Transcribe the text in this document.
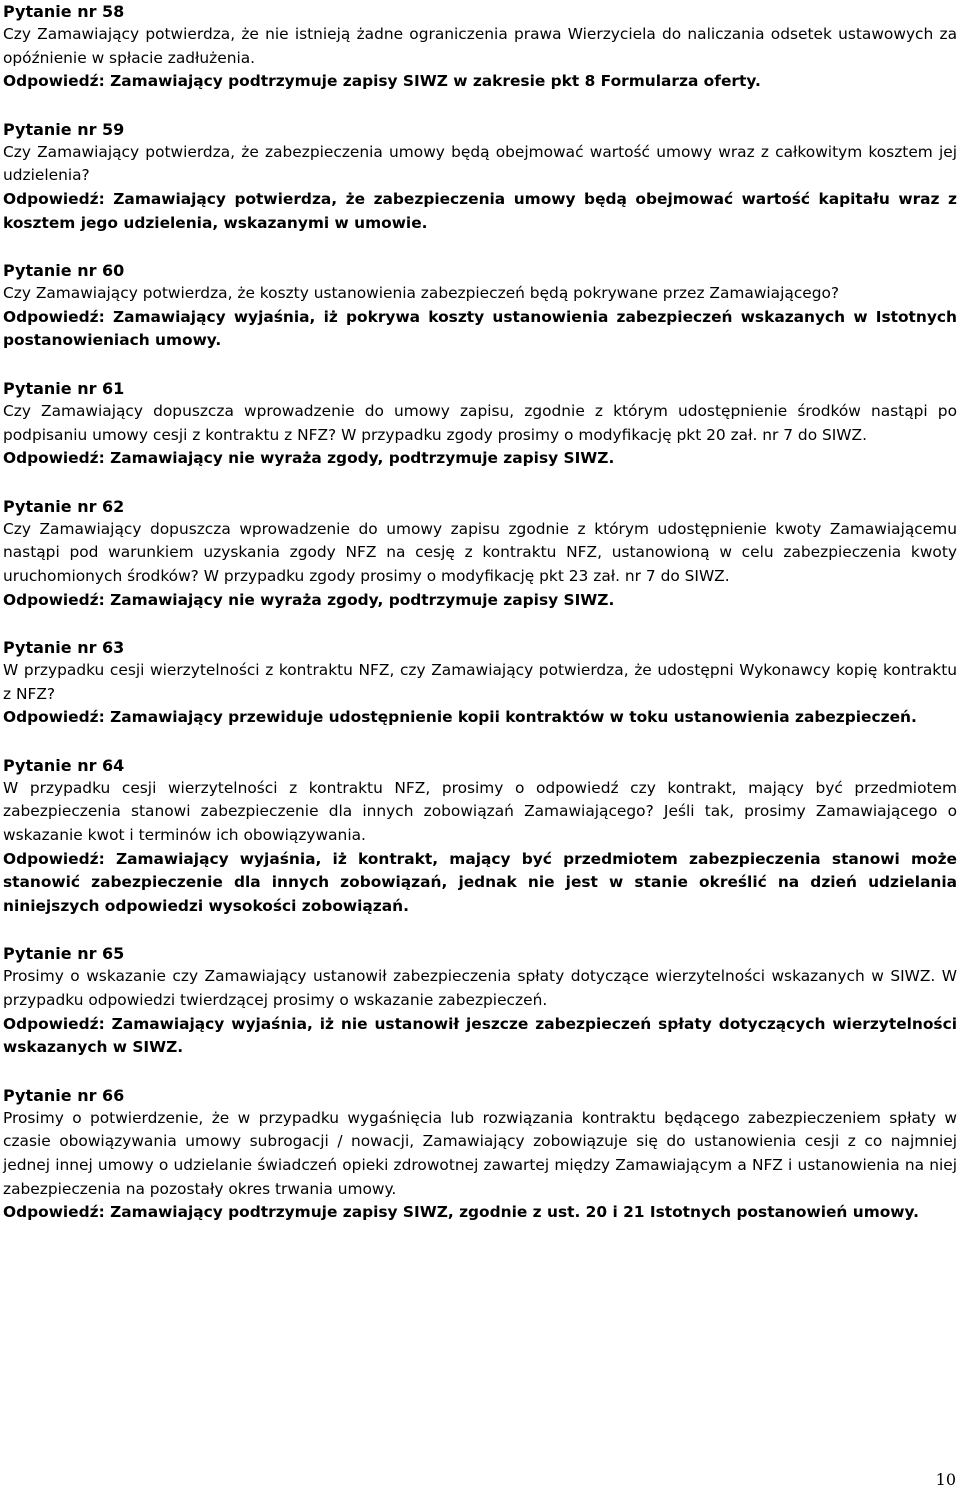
Pytanie nr 58

Czy Zamawiający potwierdza, że nie istnieją żadne ograniczenia prawa Wierzyciela do naliczania odsetek ustawowych za opóźnienie w spłacie zadłużenia.

Odpowiedź: Zamawiający podtrzymuje zapisy SIWZ w zakresie pkt 8 Formularza oferty.

Pytanie nr 59

Czy Zamawiający potwierdza, że zabezpieczenia umowy będą obejmować wartość umowy wraz z całkowitym kosztem jej udzielenia?

Odpowiedź: Zamawiający potwierdza, że zabezpieczenia umowy będą obejmować wartość kapitału wraz z kosztem jego udzielenia, wskazanymi w umowie.

Pytanie nr 60

Czy Zamawiający potwierdza, że koszty ustanowienia zabezpieczeń będą pokrywane przez Zamawiającego?

Odpowiedź: Zamawiający wyjaśnia, iż pokrywa koszty ustanowienia zabezpieczeń wskazanych w Istotnych postanowieniach umowy.

Pytanie nr 61

Czy Zamawiający dopuszcza wprowadzenie do umowy zapisu, zgodnie z którym udostępnienie środków nastąpi po podpisaniu umowy cesji z kontraktu z NFZ? W przypadku zgody prosimy o modyfikację pkt 20 zał. nr 7 do SIWZ.

Odpowiedź: Zamawiający nie wyraża zgody, podtrzymuje zapisy SIWZ.

Pytanie nr 62

Czy Zamawiający dopuszcza wprowadzenie do umowy zapisu zgodnie z którym udostępnienie kwoty Zamawiającemu nastąpi pod warunkiem uzyskania zgody NFZ na cesję z kontraktu NFZ, ustanowioną w celu zabezpieczenia kwoty uruchomionych środków? W przypadku zgody prosimy o modyfikację pkt 23 zał. nr 7 do SIWZ.

Odpowiedź: Zamawiający nie wyraża zgody, podtrzymuje zapisy SIWZ.

Pytanie nr 63

W przypadku cesji wierzytelności z kontraktu NFZ, czy Zamawiający potwierdza, że udostępni Wykonawcy kopię kontraktu z NFZ?

Odpowiedź: Zamawiający przewiduje udostępnienie kopii kontraktów w toku ustanowienia zabezpieczeń.

Pytanie nr 64

W przypadku cesji wierzytelności z kontraktu NFZ, prosimy o odpowiedź czy kontrakt, mający być przedmiotem zabezpieczenia stanowi zabezpieczenie dla innych zobowiązań Zamawiającego? Jeśli tak, prosimy Zamawiającego o wskazanie kwot i terminów ich obowiązywania.

Odpowiedź: Zamawiający wyjaśnia, iż kontrakt, mający być przedmiotem zabezpieczenia stanowi może stanowić zabezpieczenie dla innych zobowiązań, jednak nie jest w stanie określić na dzień udzielania niniejszych odpowiedzi wysokości zobowiązań.

Pytanie nr 65

Prosimy o wskazanie czy Zamawiający ustanowił zabezpieczenia spłaty dotyczące wierzytelności wskazanych w SIWZ. W przypadku odpowiedzi twierdzącej prosimy o wskazanie zabezpieczeń.

Odpowiedź: Zamawiający wyjaśnia, iż nie ustanowił jeszcze zabezpieczeń spłaty dotyczących wierzytelności wskazanych w SIWZ.

Pytanie nr 66

Prosimy o potwierdzenie, że w przypadku wygaśnięcia lub rozwiązania kontraktu będącego zabezpieczeniem spłaty w czasie obowiązywania umowy subrogacji / nowacji, Zamawiający zobowiązuje się do ustanowienia cesji z co najmniej jednej innej umowy o udzielanie świadczeń opieki zdrowotnej zawartej między Zamawiającym a NFZ i ustanowienia na niej zabezpieczenia na pozostały okres trwania umowy.

Odpowiedź: Zamawiający podtrzymuje zapisy SIWZ, zgodnie z ust. 20 i 21 Istotnych postanowień umowy.

10
